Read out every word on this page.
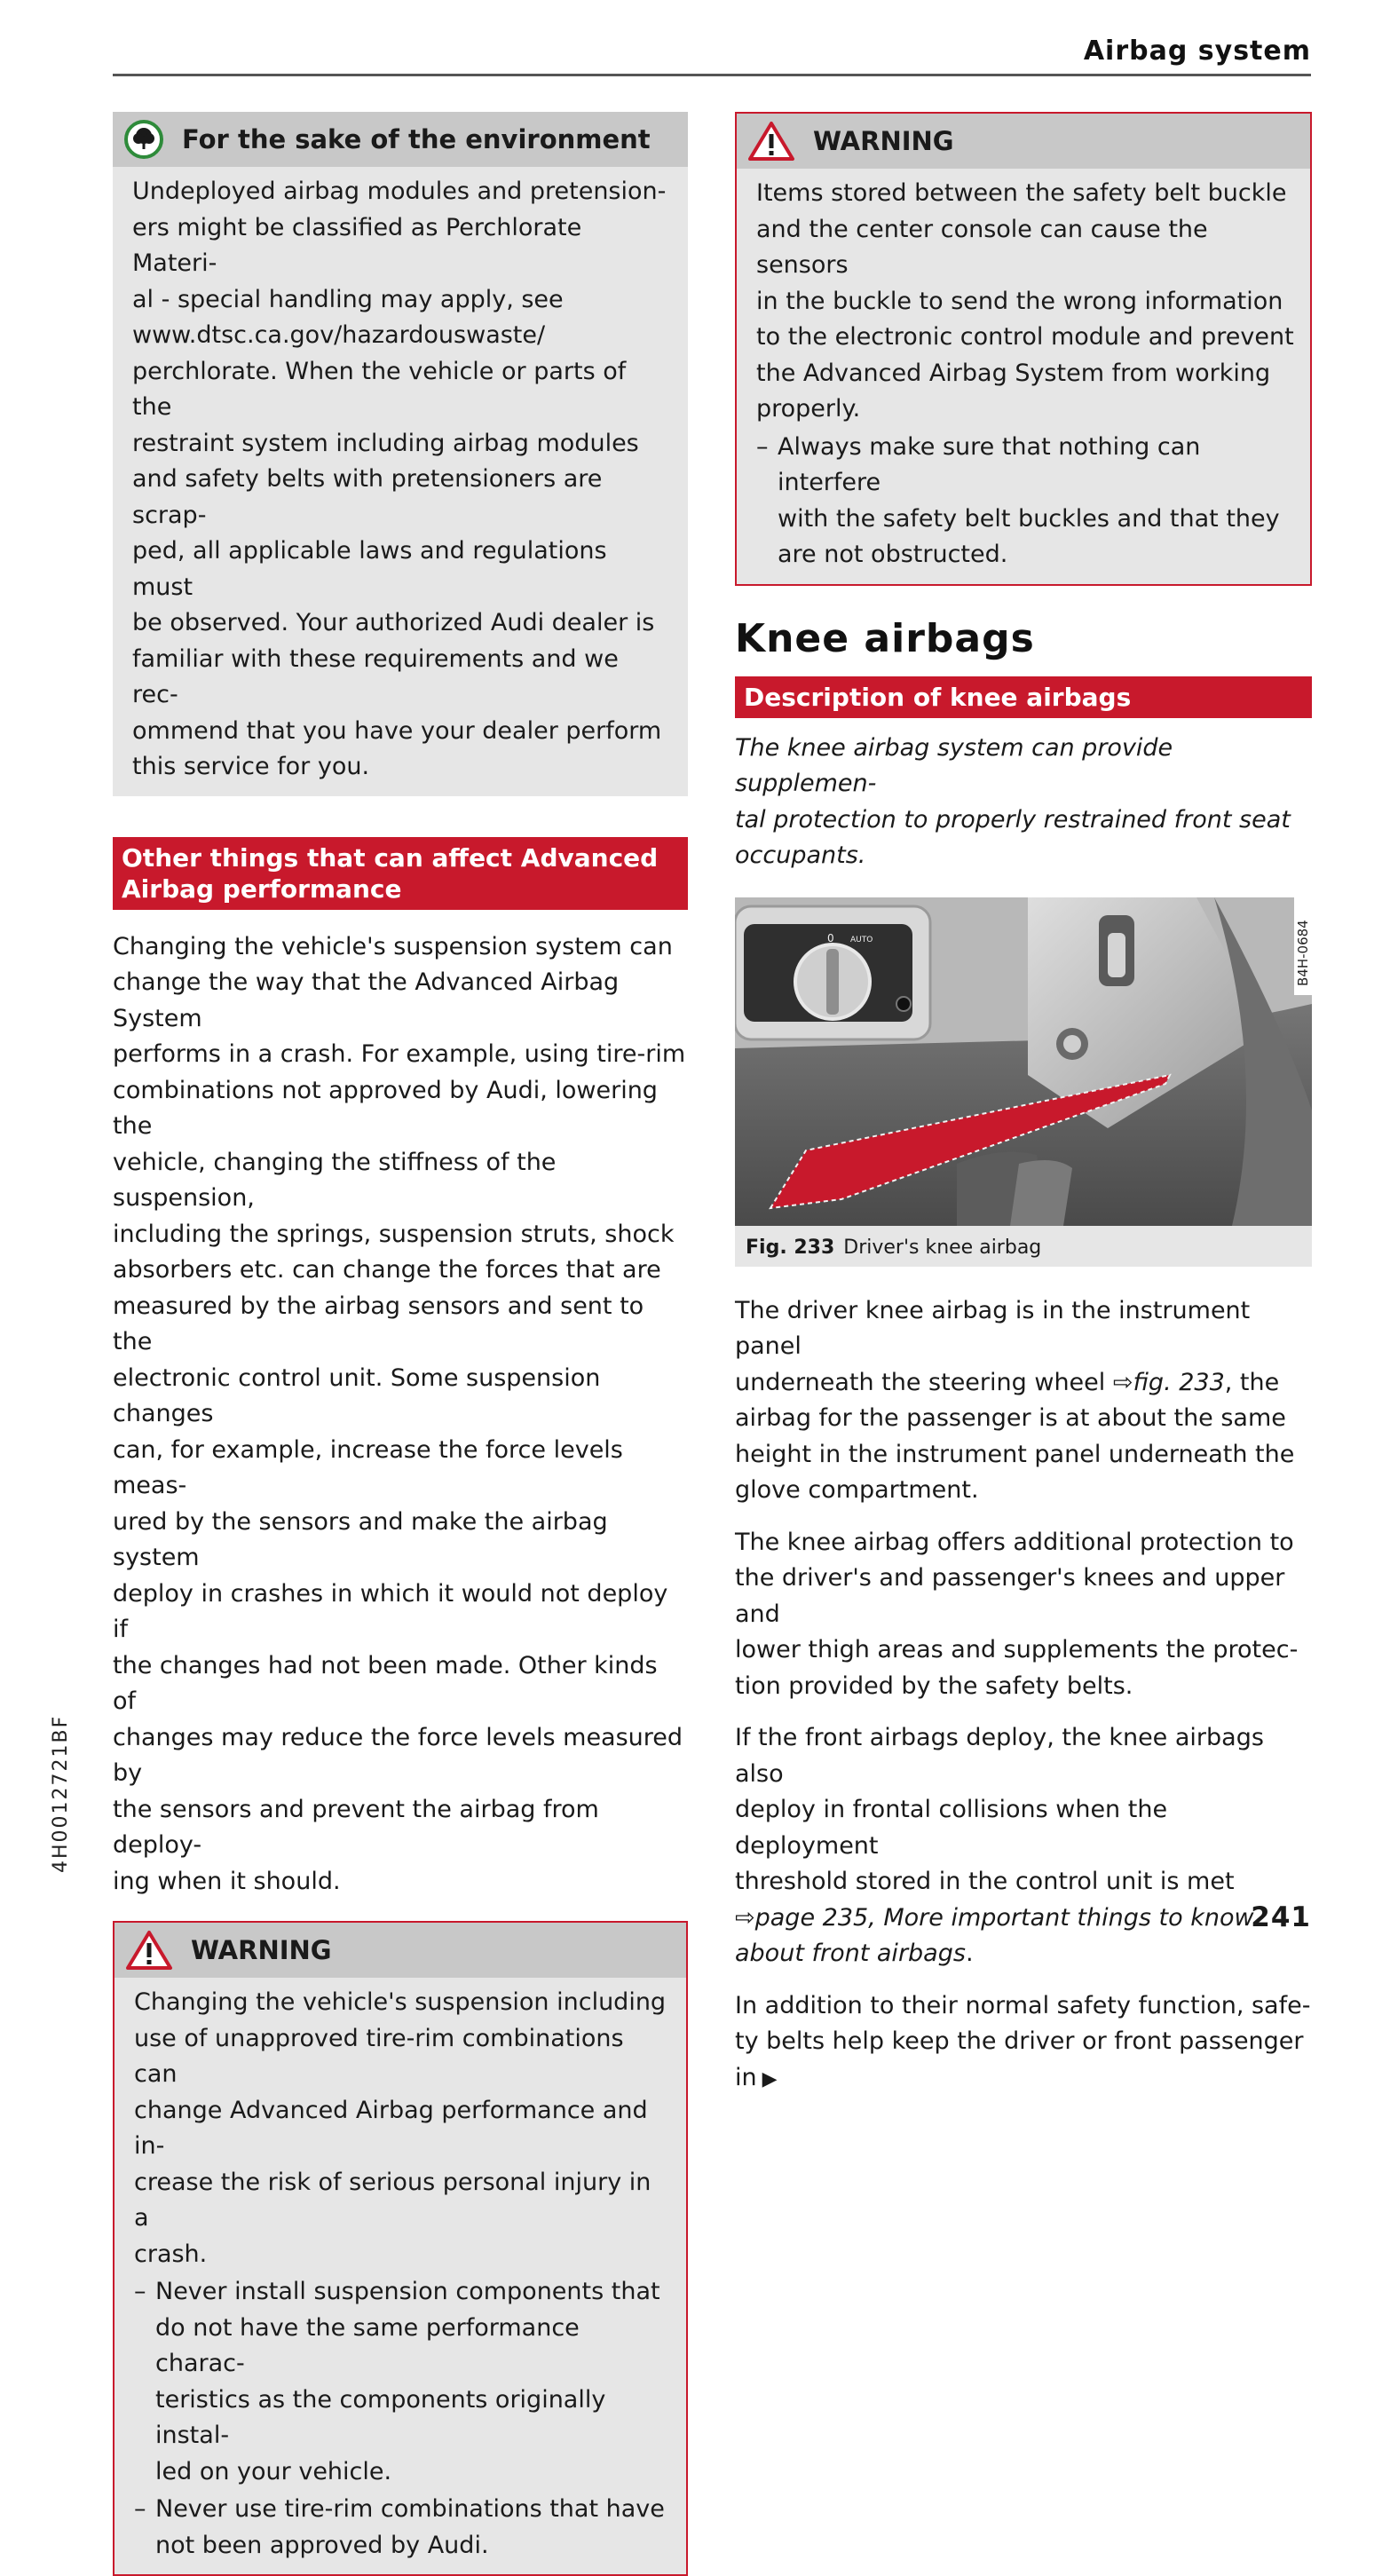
Airbag system
For the sake of the environment
Undeployed airbag modules and pretension-
ers might be classified as Perchlorate Materi-
al - special handling may apply, see
www.dtsc.ca.gov/hazardouswaste/
perchlorate. When the vehicle or parts of the
restraint system including airbag modules
and safety belts with pretensioners are scrap-
ped, all applicable laws and regulations must
be observed. Your authorized Audi dealer is
familiar with these requirements and we rec-
ommend that you have your dealer perform
this service for you.
Other things that can affect Advanced
Airbag performance
Changing the vehicle's suspension system can
change the way that the Advanced Airbag System
performs in a crash. For example, using tire-rim
combinations not approved by Audi, lowering the
vehicle, changing the stiffness of the suspension,
including the springs, suspension struts, shock
absorbers etc. can change the forces that are
measured by the airbag sensors and sent to the
electronic control unit. Some suspension changes
can, for example, increase the force levels meas-
ured by the sensors and make the airbag system
deploy in crashes in which it would not deploy if
the changes had not been made. Other kinds of
changes may reduce the force levels measured by
the sensors and prevent the airbag from deploy-
ing when it should.
WARNING
Changing the vehicle's suspension including
use of unapproved tire-rim combinations can
change Advanced Airbag performance and in-
crease the risk of serious personal injury in a
crash.
– Never install suspension components that
do not have the same performance charac-
teristics as the components originally instal-
led on your vehicle.
– Never use tire-rim combinations that have
not been approved by Audi.
WARNING
Items stored between the safety belt buckle
and the center console can cause the sensors
in the buckle to send the wrong information
to the electronic control module and prevent
the Advanced Airbag System from working
properly.
– Always make sure that nothing can interfere
with the safety belt buckles and that they
are not obstructed.
Knee airbags
Description of knee airbags
The knee airbag system can provide supplemen-
tal protection to properly restrained front seat
occupants.
0 AUTO	B4H-0684
Fig. 233 Driver's knee airbag
The driver knee airbag is in the instrument panel
underneath the steering wheel ⇨fig. 233, the
airbag for the passenger is at about the same
height in the instrument panel underneath the
glove compartment.
The knee airbag offers additional protection to
the driver's and passenger's knees and upper and
lower thigh areas and supplements the protec-
tion provided by the safety belts.
If the front airbags deploy, the knee airbags also
deploy in frontal collisions when the deployment
threshold stored in the control unit is met
⇨page 235, More important things to know
about front airbags.
In addition to their normal safety function, safe-
ty belts help keep the driver or front passenger in ▶
4H0012721BF
241
